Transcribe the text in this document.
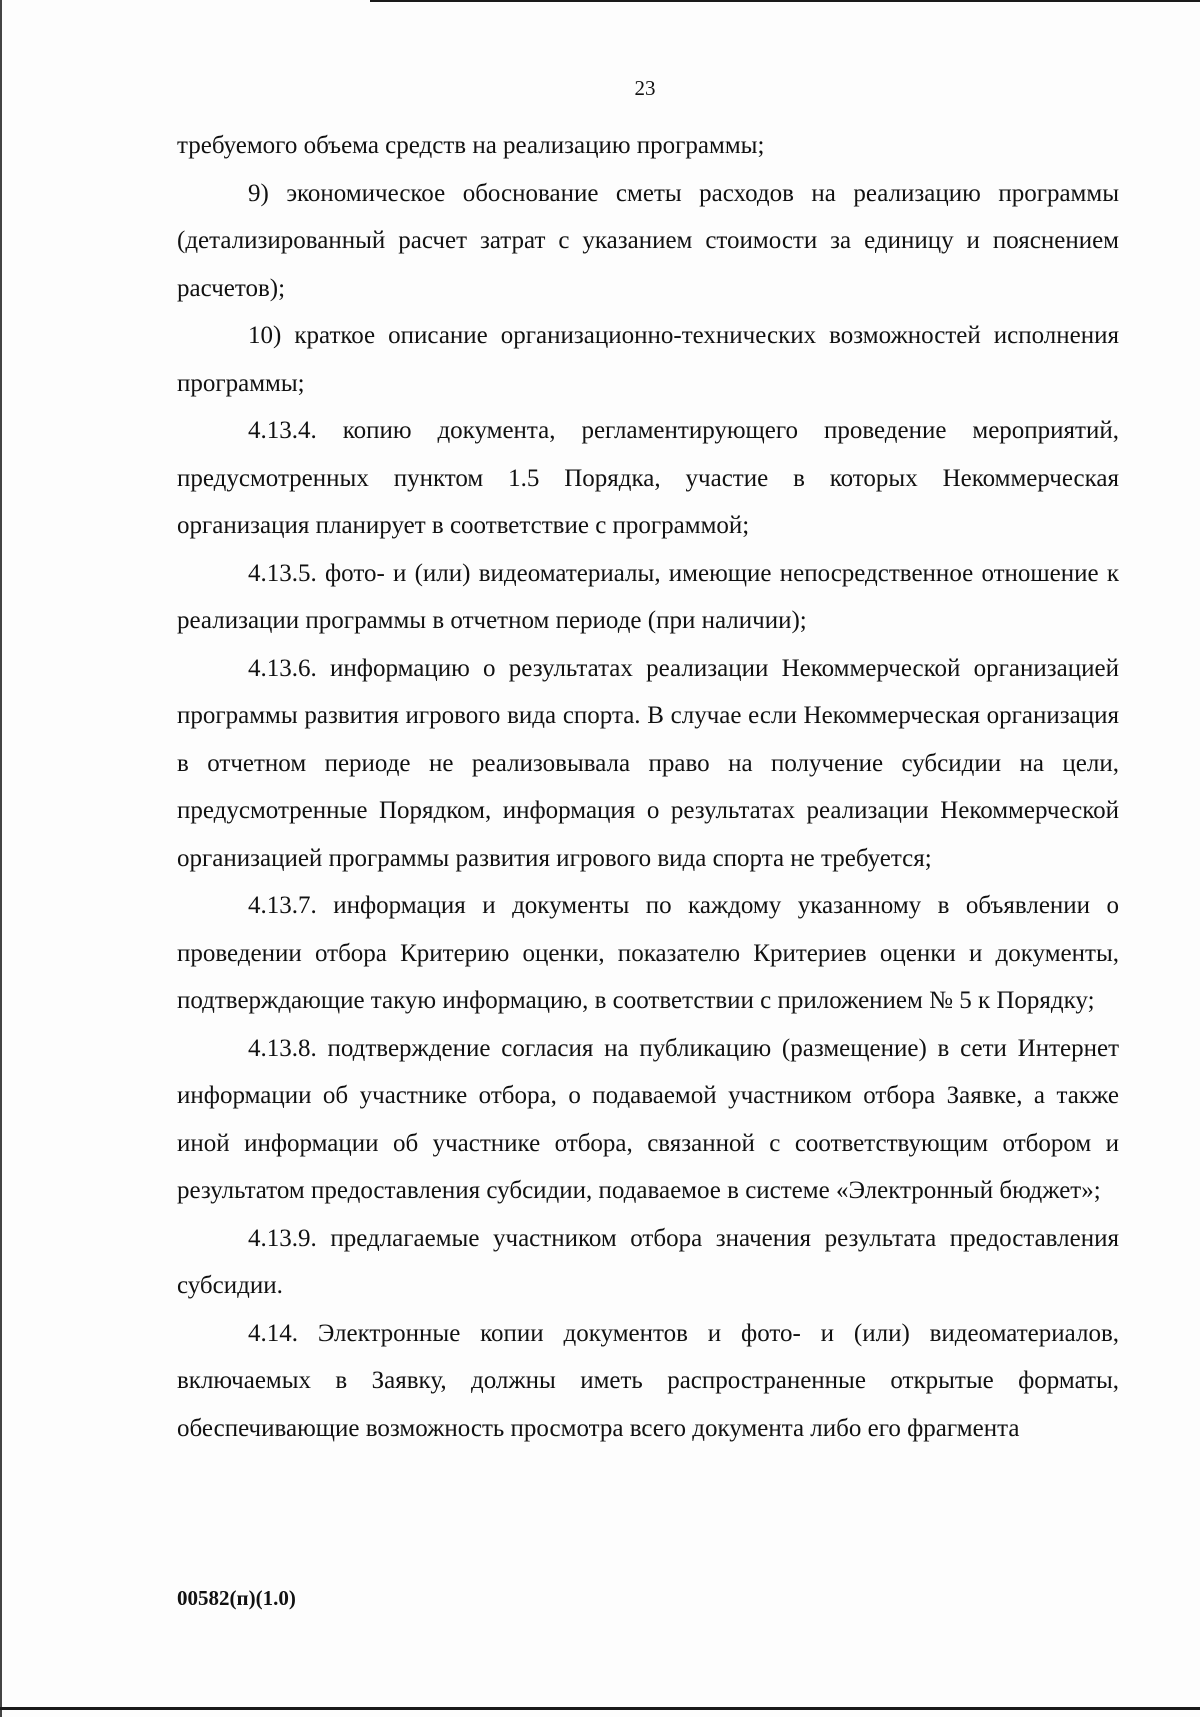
23

требуемого объема средств на реализацию программы;

9) экономическое обоснование сметы расходов на реализацию программы (детализированный расчет затрат с указанием стоимости за единицу и пояснением расчетов);

10) краткое описание организационно-технических возможностей исполнения программы;

4.13.4. копию документа, регламентирующего проведение мероприятий, предусмотренных пунктом 1.5 Порядка, участие в которых Некоммерческая организация планирует в соответствие с программой;

4.13.5. фото- и (или) видеоматериалы, имеющие непосредственное отношение к реализации программы в отчетном периоде (при наличии);

4.13.6. информацию о результатах реализации Некоммерческой организацией программы развития игрового вида спорта. В случае если Некоммерческая организация в отчетном периоде не реализовывала право на получение субсидии на цели, предусмотренные Порядком, информация о результатах реализации Некоммерческой организацией программы развития игрового вида спорта не требуется;

4.13.7. информация и документы по каждому указанному в объявлении о проведении отбора Критерию оценки, показателю Критериев оценки и документы, подтверждающие такую информацию, в соответствии с приложением № 5 к Порядку;

4.13.8. подтверждение согласия на публикацию (размещение) в сети Интернет информации об участнике отбора, о подаваемой участником отбора Заявке, а также иной информации об участнике отбора, связанной с соответствующим отбором и результатом предоставления субсидии, подаваемое в системе «Электронный бюджет»;

4.13.9. предлагаемые участником отбора значения результата предоставления субсидии.

4.14. Электронные копии документов и фото- и (или) видеоматериалов, включаемых в Заявку, должны иметь распространенные открытые форматы, обеспечивающие возможность просмотра всего документа либо его фрагмента

00582(п)(1.0)
